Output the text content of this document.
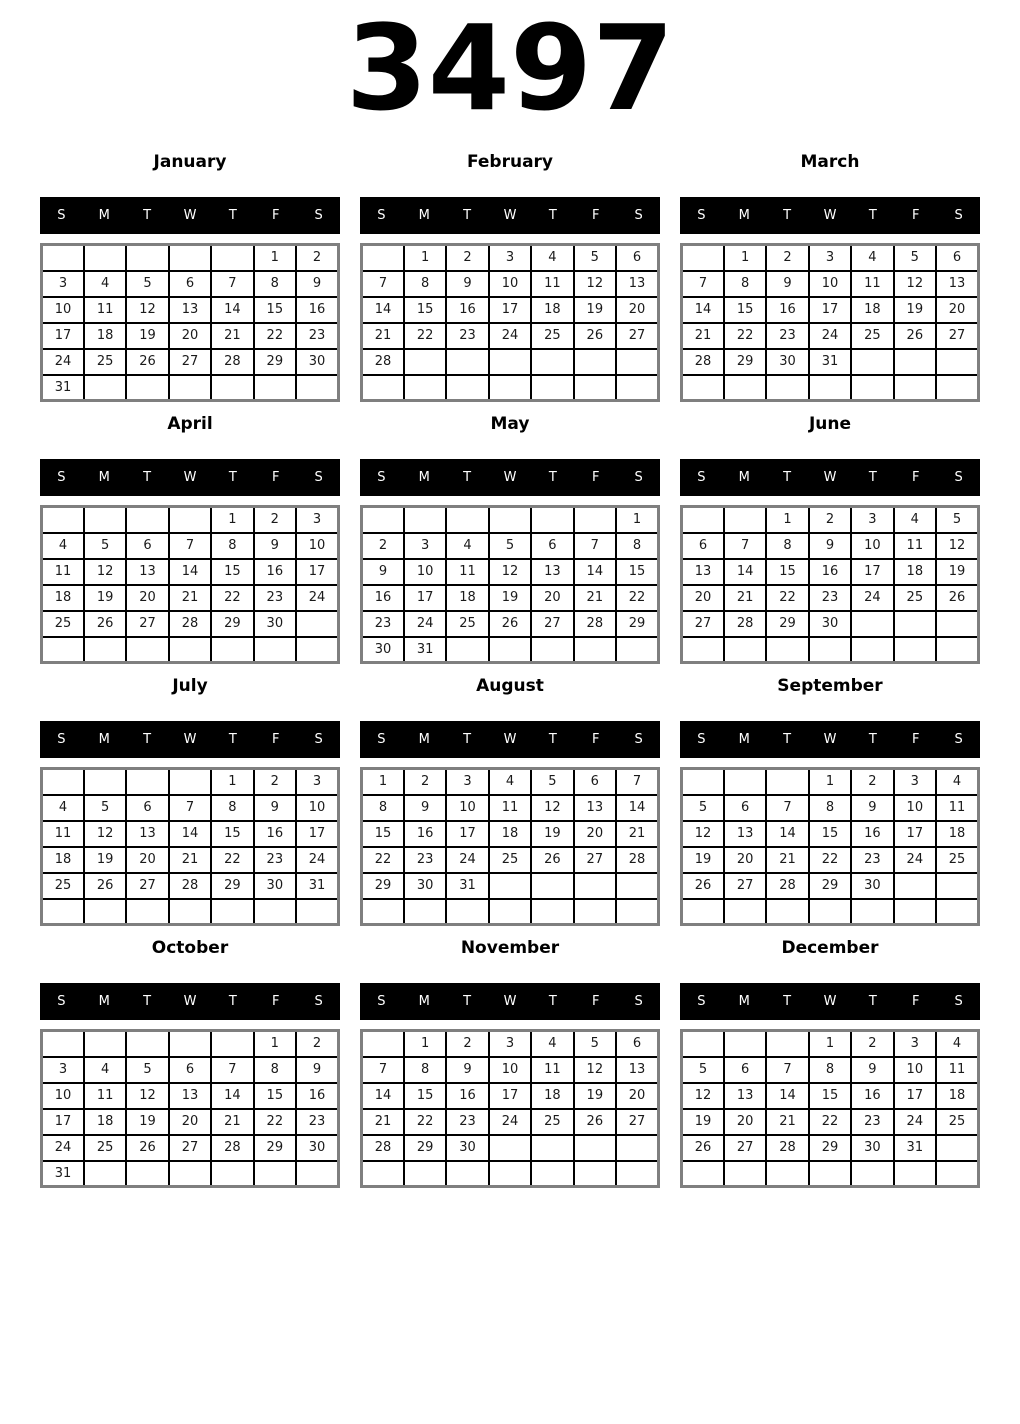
3497
January
S	M	T	W	T	F	S
					1	2
3	4	5	6	7	8	9
10	11	12	13	14	15	16
17	18	19	20	21	22	23
24	25	26	27	28	29	30
31						
February
S	M	T	W	T	F	S
	1	2	3	4	5	6
7	8	9	10	11	12	13
14	15	16	17	18	19	20
21	22	23	24	25	26	27
28						

March
S	M	T	W	T	F	S
	1	2	3	4	5	6
7	8	9	10	11	12	13
14	15	16	17	18	19	20
21	22	23	24	25	26	27
28	29	30	31			

April
S	M	T	W	T	F	S
				1	2	3
4	5	6	7	8	9	10
11	12	13	14	15	16	17
18	19	20	21	22	23	24
25	26	27	28	29	30	

May
S	M	T	W	T	F	S
						1
2	3	4	5	6	7	8
9	10	11	12	13	14	15
16	17	18	19	20	21	22
23	24	25	26	27	28	29
30	31					
June
S	M	T	W	T	F	S
		1	2	3	4	5
6	7	8	9	10	11	12
13	14	15	16	17	18	19
20	21	22	23	24	25	26
27	28	29	30			

July
S	M	T	W	T	F	S
				1	2	3
4	5	6	7	8	9	10
11	12	13	14	15	16	17
18	19	20	21	22	23	24
25	26	27	28	29	30	31

August
S	M	T	W	T	F	S
1	2	3	4	5	6	7
8	9	10	11	12	13	14
15	16	17	18	19	20	21
22	23	24	25	26	27	28
29	30	31				

September
S	M	T	W	T	F	S
			1	2	3	4
5	6	7	8	9	10	11
12	13	14	15	16	17	18
19	20	21	22	23	24	25
26	27	28	29	30		

October
S	M	T	W	T	F	S
					1	2
3	4	5	6	7	8	9
10	11	12	13	14	15	16
17	18	19	20	21	22	23
24	25	26	27	28	29	30
31						
November
S	M	T	W	T	F	S
	1	2	3	4	5	6
7	8	9	10	11	12	13
14	15	16	17	18	19	20
21	22	23	24	25	26	27
28	29	30				

December
S	M	T	W	T	F	S
			1	2	3	4
5	6	7	8	9	10	11
12	13	14	15	16	17	18
19	20	21	22	23	24	25
26	27	28	29	30	31	
